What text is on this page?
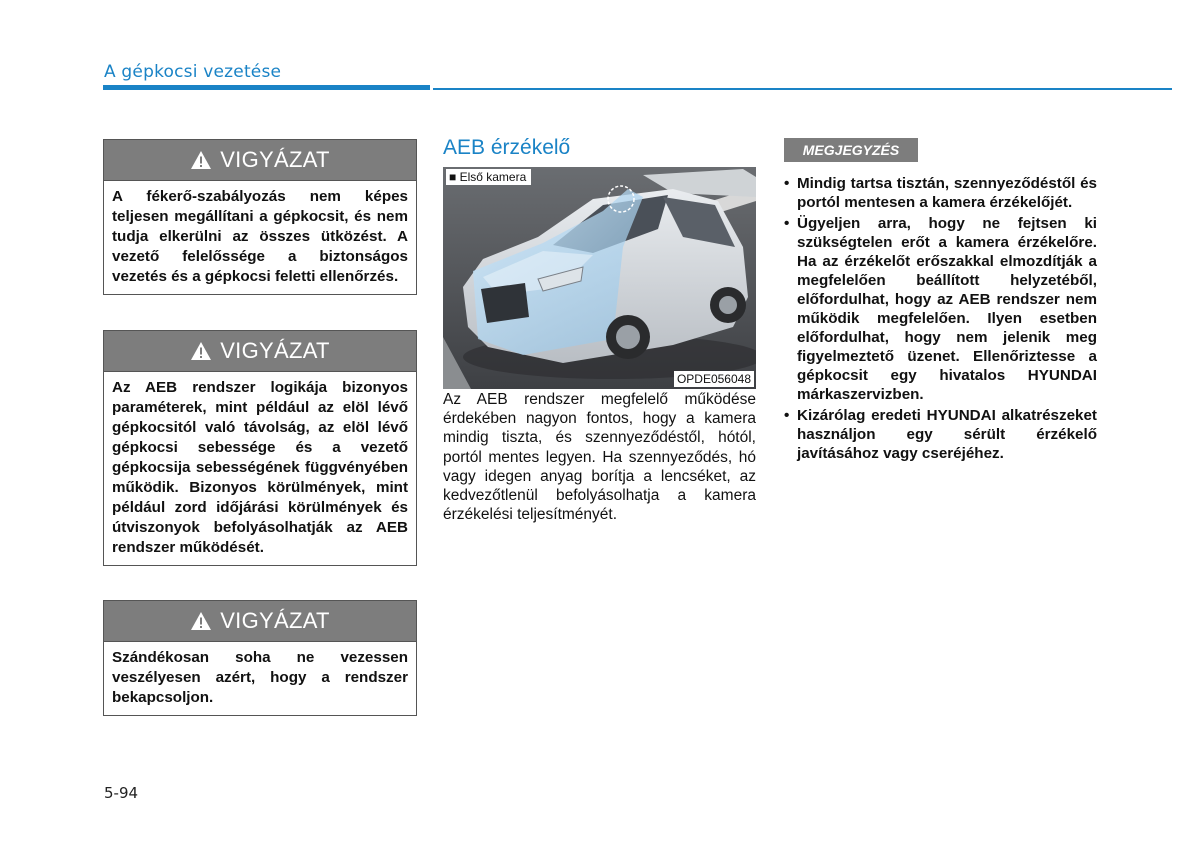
A gépkocsi vezetése
VIGYÁZAT
A fékerő-szabályozás nem képes teljesen megállítani a gépkocsit, és nem tudja elkerülni az összes ütközést. A vezető felelőssége a biztonságos vezetés és a gépkocsi feletti ellenőrzés.
VIGYÁZAT
Az AEB rendszer logikája bizonyos paraméterek, mint például az elöl lévő gépkocsitól való távolság, az elöl lévő gépkocsi sebessége és a vezető gépkocsija sebességének függvényében működik. Bizonyos körülmények, mint például zord időjárási körülmények és útviszonyok befolyásolhatják az AEB rendszer működését.
VIGYÁZAT
Szándékosan soha ne vezessen veszélyesen azért, hogy a rendszer bekapcsoljon.
AEB érzékelő
■ Első kamera
OPDE056048
Az AEB rendszer megfelelő működése érdekében nagyon fontos, hogy a kamera mindig tiszta, és szennyeződéstől, hótól, portól mentes legyen. Ha szennyeződés, hó vagy idegen anyag borítja a lencséket, az kedvezőtlenül befolyásolhatja a kamera érzékelési teljesítményét.
MEGJEGYZÉS
• Mindig tartsa tisztán, szennyeződéstől és portól mentesen a kamera érzékelőjét.
• Ügyeljen arra, hogy ne fejtsen ki szükségtelen erőt a kamera érzékelőre. Ha az érzékelőt erőszakkal elmozdítják a megfelelően beállított helyzetéből, előfordulhat, hogy az AEB rendszer nem működik megfelelően. Ilyen esetben előfordulhat, hogy nem jelenik meg figyelmeztető üzenet. Ellenőriztesse a gépkocsit egy hivatalos HYUNDAI márkaszervizben.
• Kizárólag eredeti HYUNDAI alkatrészeket használjon egy sérült érzékelő javításához vagy cseréjéhez.
5-94
